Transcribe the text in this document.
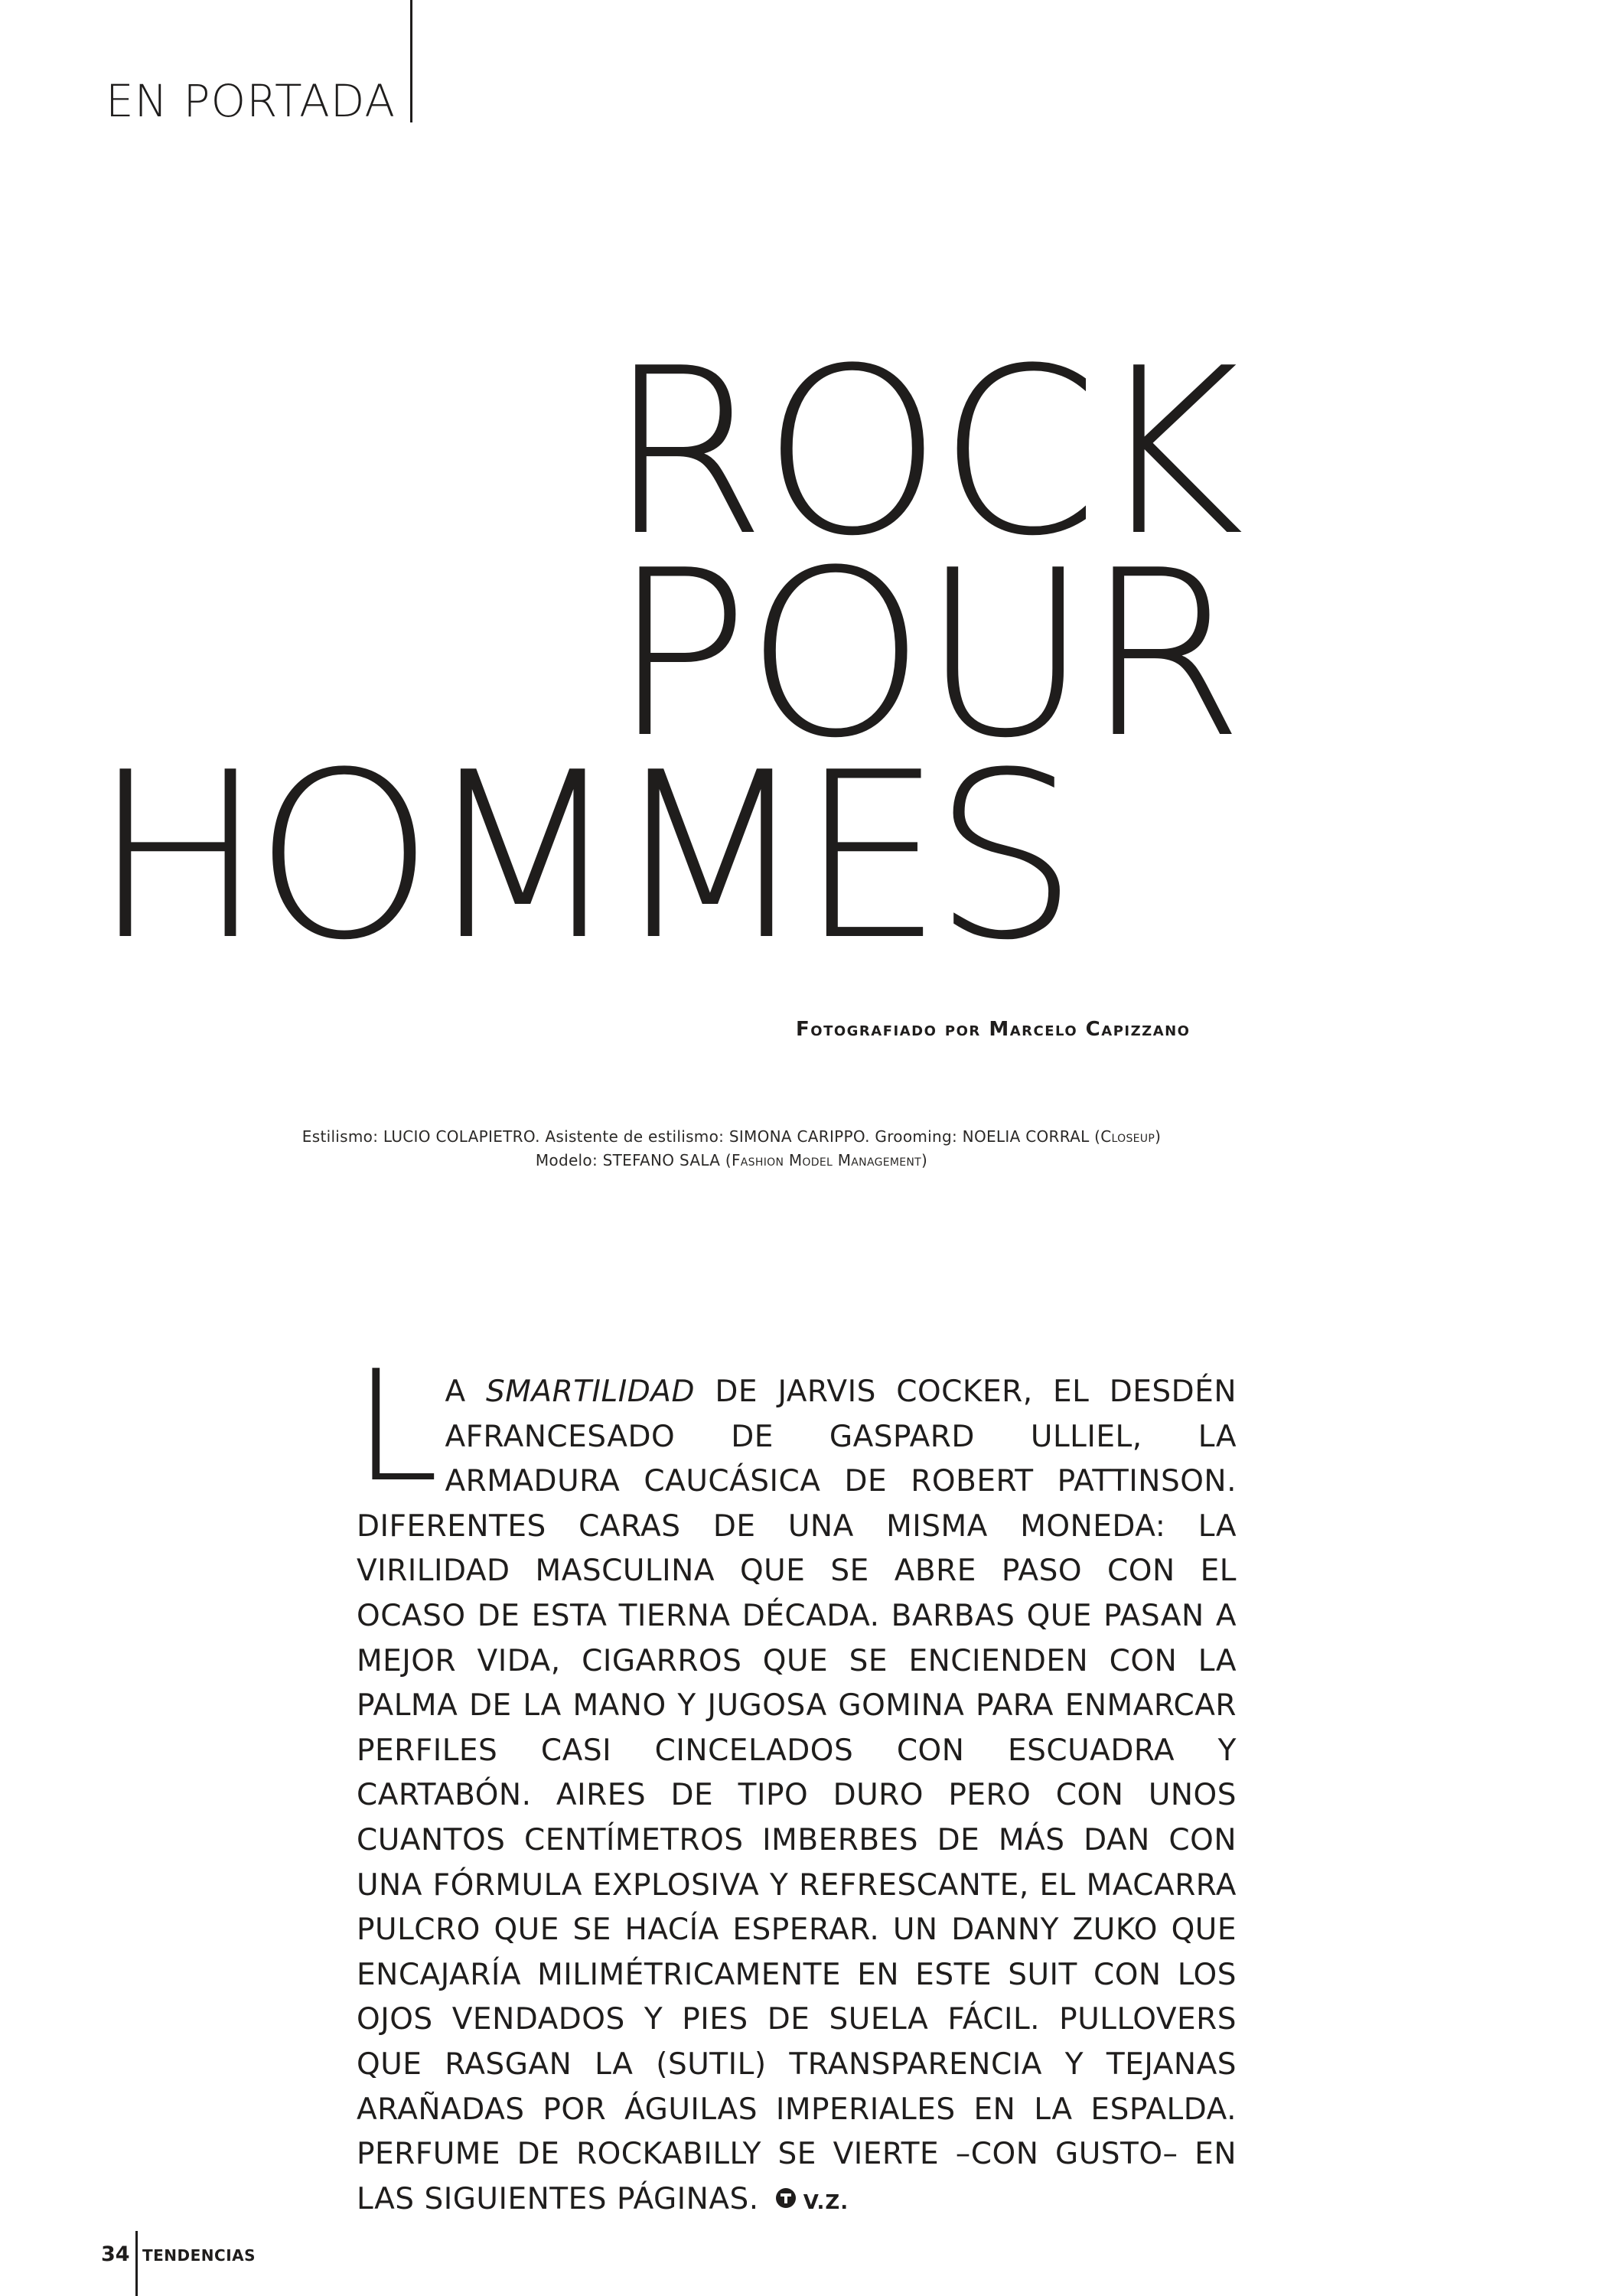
EN PORTADA
ROCK
POUR
HOMMES
Fotografiado por Marcelo Capizzano
Estilismo: LUCIO COLAPIETRO. Asistente de estilismo: SIMONA CARIPPO. Grooming: NOELIA CORRAL (Closeup)
Modelo: STEFANO SALA (Fashion Model Management)
LA SMARTILIDAD DE JARVIS COCKER, EL DESDÉN AFRANCESADO DE GASPARD ULLIEL, LA ARMADURA CAUCÁSICA DE ROBERT PATTINSON. DIFERENTES CARAS DE UNA MISMA MONEDA: LA VIRILIDAD MASCULINA QUE SE ABRE PASO CON EL OCASO DE ESTA TIERNA DÉCADA. BARBAS QUE PASAN A MEJOR VIDA, CIGARROS QUE SE ENCIENDEN CON LA PALMA DE LA MANO Y JUGOSA GOMINA PARA ENMARCAR PERFILES CASI CINCELADOS CON ESCUADRA Y CARTABÓN. AIRES DE TIPO DURO PERO CON UNOS CUANTOS CENTÍMETROS IMBERBES DE MÁS DAN CON UNA FÓRMULA EXPLOSIVA Y REFRESCANTE, EL MACARRA PULCRO QUE SE HACÍA ESPERAR. UN DANNY ZUKO QUE ENCAJARÍA MILIMÉTRICAMENTE EN ESTE SUIT CON LOS OJOS VENDADOS Y PIES DE SUELA FÁCIL. PULLOVERS QUE RASGAN LA (SUTIL) TRANSPARENCIA Y TEJANAS ARAÑADAS POR ÁGUILAS IMPERIALES EN LA ESPALDA. PERFUME DE ROCKABILLY SE VIERTE –CON GUSTO– EN LAS SIGUIENTES PÁGINAS. V.Z.
34 TENDENCIAS
